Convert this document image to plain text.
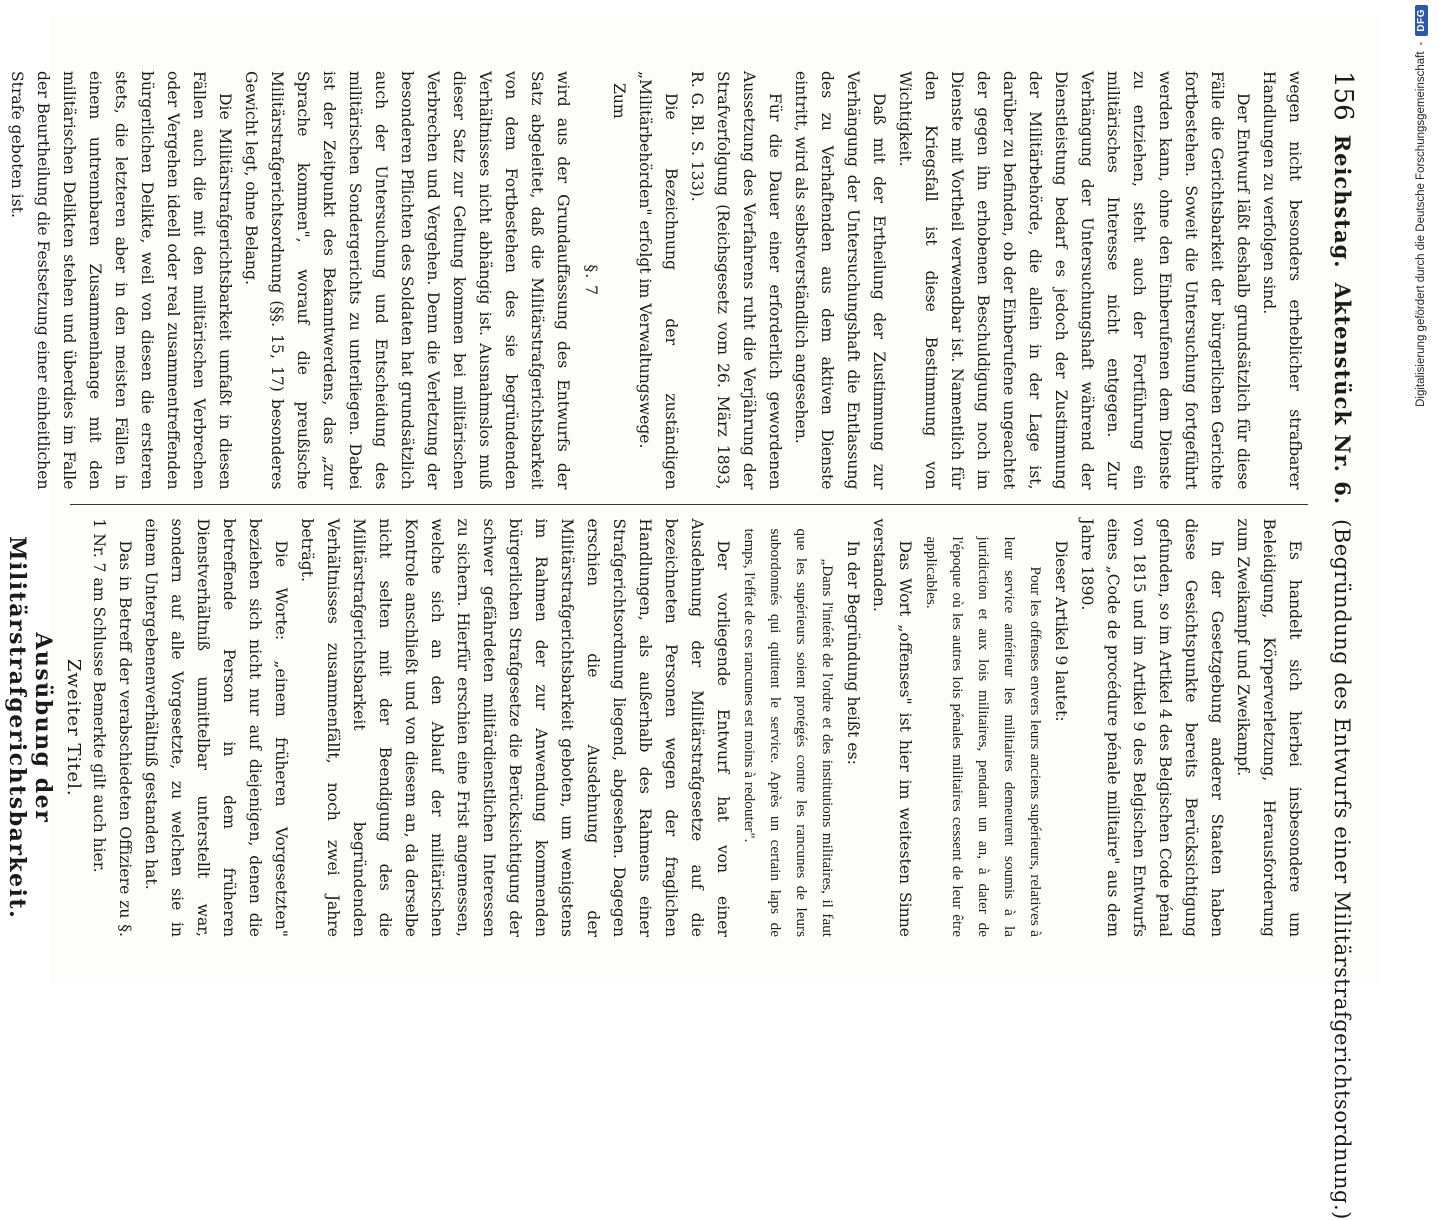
156
Reichstag.
Aktenstück Nr. 6.
(Begründung des Entwurfs einer Militärstrafgerichtsordnung.)

wegen nicht besonders erheblicher strafbarer Handlungen zu verfolgen sind.

Der Entwurf läßt deshalb grundsätzlich für diese Fälle die Gerichtsbarkeit der bürgerlichen Gerichte fortbestehen. Soweit die Untersuchung fortgeführt werden kann, ohne den Einberufenen dem Dienste zu entziehen, steht auch der Fortführung ein militärisches Interesse nicht entgegen. Zur Verhängung der Untersuchungshaft während der Dienstleistung bedarf es jedoch der Zustimmung der Militärbehörde, die allein in der Lage ist, darüber zu befinden, ob der Einberufene ungeachtet der gegen ihn erhobenen Beschuldigung noch im Dienste mit Vortheil verwendbar ist. Namentlich für den Kriegsfall ist diese Bestimmung von Wichtigkeit.

Daß mit der Ertheilung der Zustimmung zur Verhängung der Untersuchungshaft die Entlassung des zu Verhaftenden aus dem aktiven Dienste eintritt, wird als selbstverständlich angesehen.

Für die Dauer einer erforderlich gewordenen Aussetzung des Verfahrens ruht die Verjährung der Strafverfolgung (Reichsgesetz vom 26. März 1893, R. G. Bl. S. 133).

Die Bezeichnung der zuständigen „Militärbehörden" erfolgt im Verwaltungswege.

Zum

§. 7

wird aus der Grundauffassung des Entwurfs der Satz abgeleitet, daß die Militärstrafgerichtsbarkeit von dem Fortbestehen des sie begründenden Verhältnisses nicht abhängig ist. Ausnahmslos muß dieser Satz zur Geltung kommen bei militärischen Verbrechen und Vergehen. Denn die Verletzung der besonderen Pflichten des Soldaten hat grundsätzlich auch der Untersuchung und Entscheidung des militärischen Sondergerichts zu unterliegen. Dabei ist der Zeitpunkt des Bekanntwerdens, das „zur Sprache kommen", worauf die preußische Militärstrafgerichtsordnung (§§. 15, 17) besonderes Gewicht legt, ohne Belang.

Die Militärstrafgerichtsbarkeit umfaßt in diesen Fällen auch die mit den militärischen Verbrechen oder Vergehen ideell oder real zusammentreffenden bürgerlichen Delikte, weil von diesen die ersteren stets, die letzteren aber in den meisten Fällen in einem untrennbaren Zusammenhange mit den militärischen Delikten stehen und überdies im Falle der Beurtheilung die Festsetzung einer einheitlichen Strafe geboten ist.

Es handelt sich hierbei insbesondere um Beleidigung, Körperverletzung, Herausforderung zum Zweikampf und Zweikampf.

In der Gesetzgebung anderer Staaten haben diese Gesichtspunkte bereits Berücksichtigung gefunden, so im Artikel 4 des Belgischen Code pénal von 1815 und im Artikel 9 des Belgischen Entwurfs eines „Code de procédure pénale militaire" aus dem Jahre 1890.

Dieser Artikel 9 lautet:

Pour les offenses envers leurs anciens supérieurs, relatives à leur service antérieur les militaires demeurent soumis à la juridiction et aux lois militaires, pendant un an, à dater de l'époque où les autres lois pénales militaires cessent de leur être applicables.

Das Wort „offenses" ist hier im weitesten Sinne verstanden.

In der Begründung heißt es:

„Dans l'intérêt de l'ordre et des institutions militaires, il faut que les supérieurs soient protégés contre les rancunes de leurs subordonnés qui quittent le service. Après un certain laps de temps, l'effet de ces rancunes est moins à redouter".

Der vorliegende Entwurf hat von einer Ausdehnung der Militärstrafgesetze auf die bezeichneten Personen wegen der fraglichen Handlungen, als außerhalb des Rahmens einer Strafgerichtsordnung liegend, abgesehen. Dagegen erschien die Ausdehnung der Militärstrafgerichtsbarkeit geboten, um wenigstens im Rahmen der zur Anwendung kommenden bürgerlichen Strafgesetze die Berücksichtigung der schwer gefährdeten militärdienstlichen Interessen zu sichern. Hierfür erschien eine Frist angemessen, welche sich an den Ablauf der militärischen Kontrole anschließt und von diesem an, da derselbe nicht selten mit der Beendigung des die Militärstrafgerichtsbarkeit begründenden Verhältnisses zusammenfällt, noch zwei Jahre beträgt.

Die Worte: „einem früheren Vorgesetzten" beziehen sich nicht nur auf diejenigen, denen die betreffende Person in dem früheren Dienstverhältniß unmittelbar unterstellt war, sondern auf alle Vorgesetzte, zu welchen sie in einem Untergebenenverhältniß gestanden hat.

Das in Betreff der verabschiedeten Offiziere zu §. 1 Nr. 7 am Schlusse Bemerkte gilt auch hier.

Zweiter Titel.

Ausübung der Militärstrafgerichtsbarkeit.

Digitalisierung gefördert durch die Deutsche Forschungsgemeinschaft
-
DFG
